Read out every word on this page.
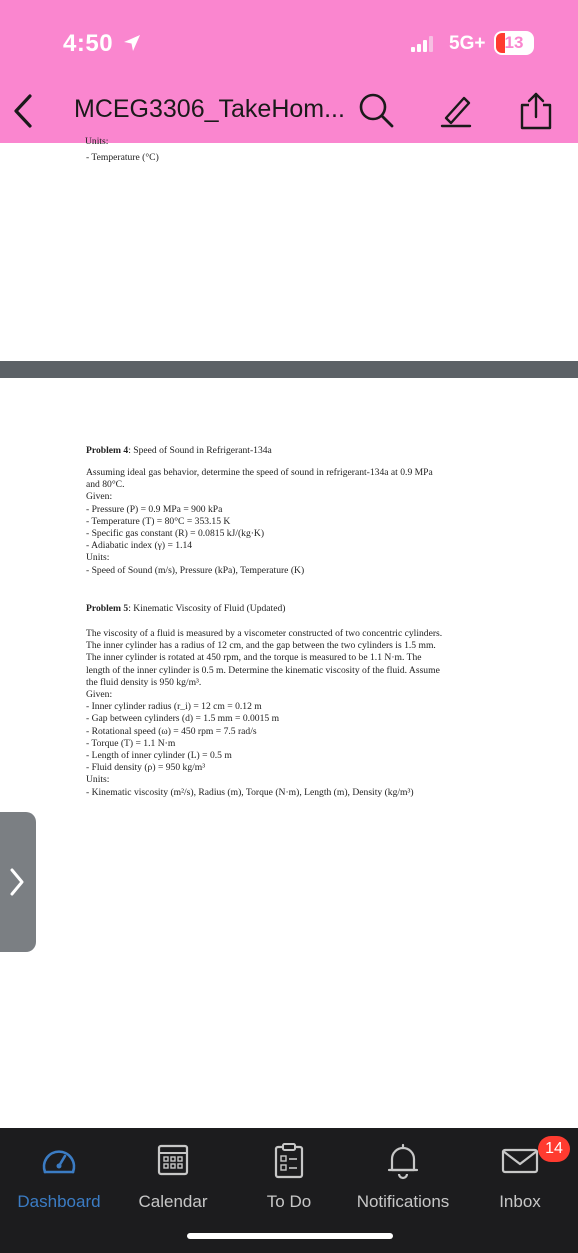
4:50	5G+	13
MCEG3306_TakeHom...
Units:

- Temperature (°C)

Problem 4: Speed of Sound in Refrigerant-134a

Assuming ideal gas behavior, determine the speed of sound in refrigerant-134a at 0.9 MPa

and 80°C.

Given:

- Pressure (P) = 0.9 MPa = 900 kPa

- Temperature (T) = 80°C = 353.15 K

- Specific gas constant (R) = 0.0815 kJ/(kg·K)

- Adiabatic index (γ) = 1.14

Units:

- Speed of Sound (m/s), Pressure (kPa), Temperature (K)

Problem 5: Kinematic Viscosity of Fluid (Updated)

The viscosity of a fluid is measured by a viscometer constructed of two concentric cylinders.

The inner cylinder has a radius of 12 cm, and the gap between the two cylinders is 1.5 mm.

The inner cylinder is rotated at 450 rpm, and the torque is measured to be 1.1 N·m. The

length of the inner cylinder is 0.5 m. Determine the kinematic viscosity of the fluid. Assume

the fluid density is 950 kg/m³.

Given:

- Inner cylinder radius (r_i) = 12 cm = 0.12 m

- Gap between cylinders (d) = 1.5 mm = 0.0015 m

- Rotational speed (ω) = 450 rpm = 7.5 rad/s

- Torque (T) = 1.1 N·m

- Length of inner cylinder (L) = 0.5 m

- Fluid density (ρ) = 950 kg/m³

Units:

- Kinematic viscosity (m²/s), Radius (m), Torque (N·m), Length (m), Density (kg/m³)

Dashboard	Calendar	To Do	Notifications	Inbox
14
